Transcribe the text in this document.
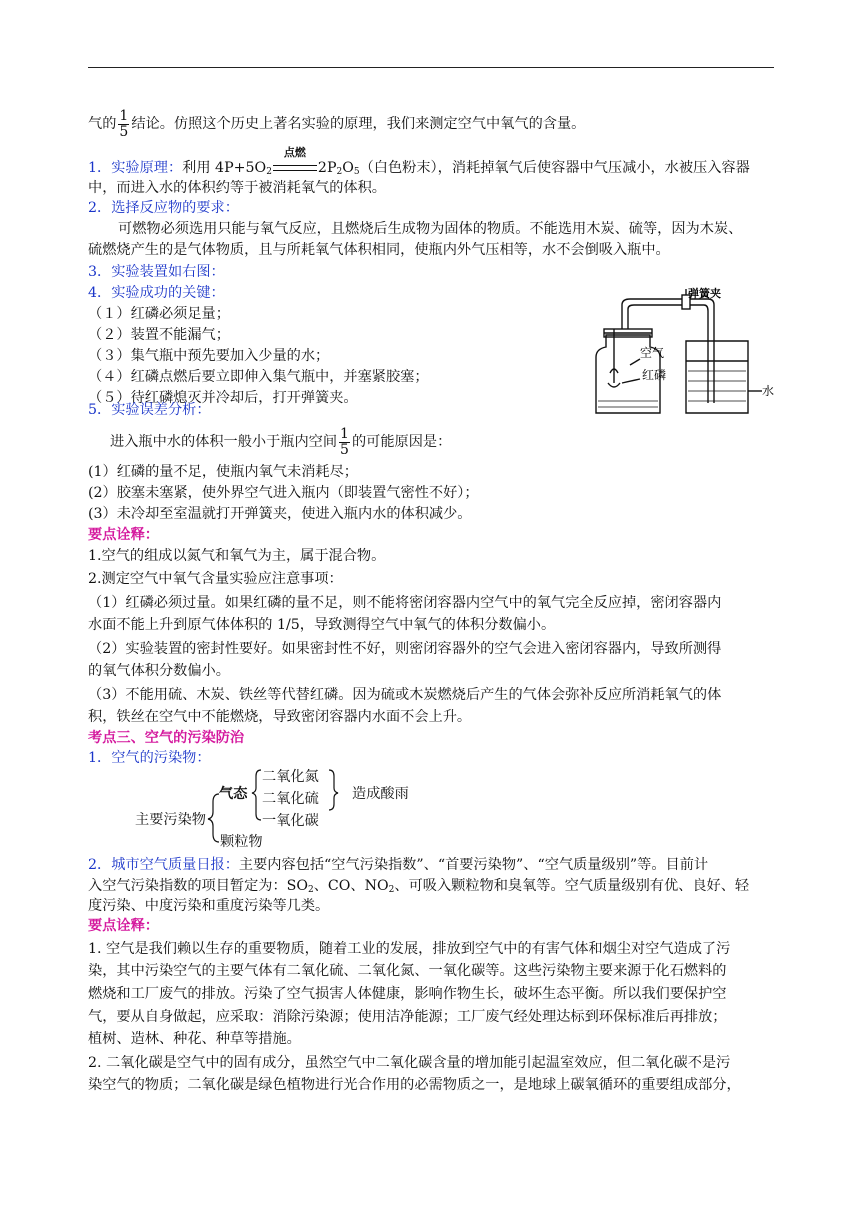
气的 $\frac{1}{5}$ 结论。仿照这个历史上著名实验的原理，我们来测定空气中氧气的含量。
1．实验原理：利用 $4P+5O_2$
点燃
$2P_2O_5$（白色粉末），消耗掉氧气后使容器中气压减小，水被压入容器
中，而进入水的体积约等于被消耗氧气的体积。
2．选择反应物的要求：
可燃物必须选用只能与氧气反应，且燃烧后生成物为固体的物质。不能选用木炭、硫等，因为木炭、
硫燃烧产生的是气体物质，且与所耗氧气体积相同，使瓶内外气压相等，水不会倒吸入瓶中。
3．实验装置如右图：
4．实验成功的关键：
（１）红磷必须足量；
（２）装置不能漏气；
（３）集气瓶中预先要加入少量的水；
（４）红磷点燃后要立即伸入集气瓶中，并塞紧胶塞；
（５）待红磷熄灭并冷却后，打开弹簧夹。
弹簧夹
空气
红磷
水
5．实验误差分析：
进入瓶中水的体积一般小于瓶内空间 $\frac{1}{5}$ 的可能原因是：
(1）红磷的量不足，使瓶内氧气未消耗尽；
(2）胶塞未塞紧，使外界空气进入瓶内（即装置气密性不好）；
(3）未冷却至室温就打开弹簧夹，使进入瓶内水的体积减少。
要点诠释：
1.空气的组成以氮气和氧气为主，属于混合物。
2.测定空气中氧气含量实验应注意事项：
（1）红磷必须过量。如果红磷的量不足，则不能将密闭容器内空气中的氧气完全反应掉，密闭容器内
水面不能上升到原气体体积的 1/5，导致测得空气中氧气的体积分数偏小。
（2）实验装置的密封性要好。如果密封性不好，则密闭容器外的空气会进入密闭容器内，导致所测得
的氧气体积分数偏小。
（3）不能用硫、木炭、铁丝等代替红磷。因为硫或木炭燃烧后产生的气体会弥补反应所消耗氧气的体
积，铁丝在空气中不能燃烧，导致密闭容器内水面不会上升。
考点三、空气的污染防治
1．空气的污染物：
主要污染物
气态
二氧化氮
二氧化硫
一氧化碳
造成酸雨
颗粒物
2．城市空气质量日报：主要内容包括“空气污染指数”、“首要污染物”、“空气质量级别”等。目前计
入空气污染指数的项目暂定为：$SO_2$、CO、$NO_2$、可吸入颗粒物和臭氧等。空气质量级别有优、良好、轻
度污染、中度污染和重度污染等几类。
要点诠释：
1. 空气是我们赖以生存的重要物质，随着工业的发展，排放到空气中的有害气体和烟尘对空气造成了污
染，其中污染空气的主要气体有二氧化硫、二氧化氮、一氧化碳等。这些污染物主要来源于化石燃料的
燃烧和工厂废气的排放。污染了空气损害人体健康，影响作物生长，破坏生态平衡。所以我们要保护空
气，要从自身做起，应采取：消除污染源；使用洁净能源；工厂废气经处理达标到环保标准后再排放；
植树、造林、种花、种草等措施。
2. 二氧化碳是空气中的固有成分，虽然空气中二氧化碳含量的增加能引起温室效应，但二氧化碳不是污
染空气的物质；二氧化碳是绿色植物进行光合作用的必需物质之一，是地球上碳氧循环的重要组成部分，
